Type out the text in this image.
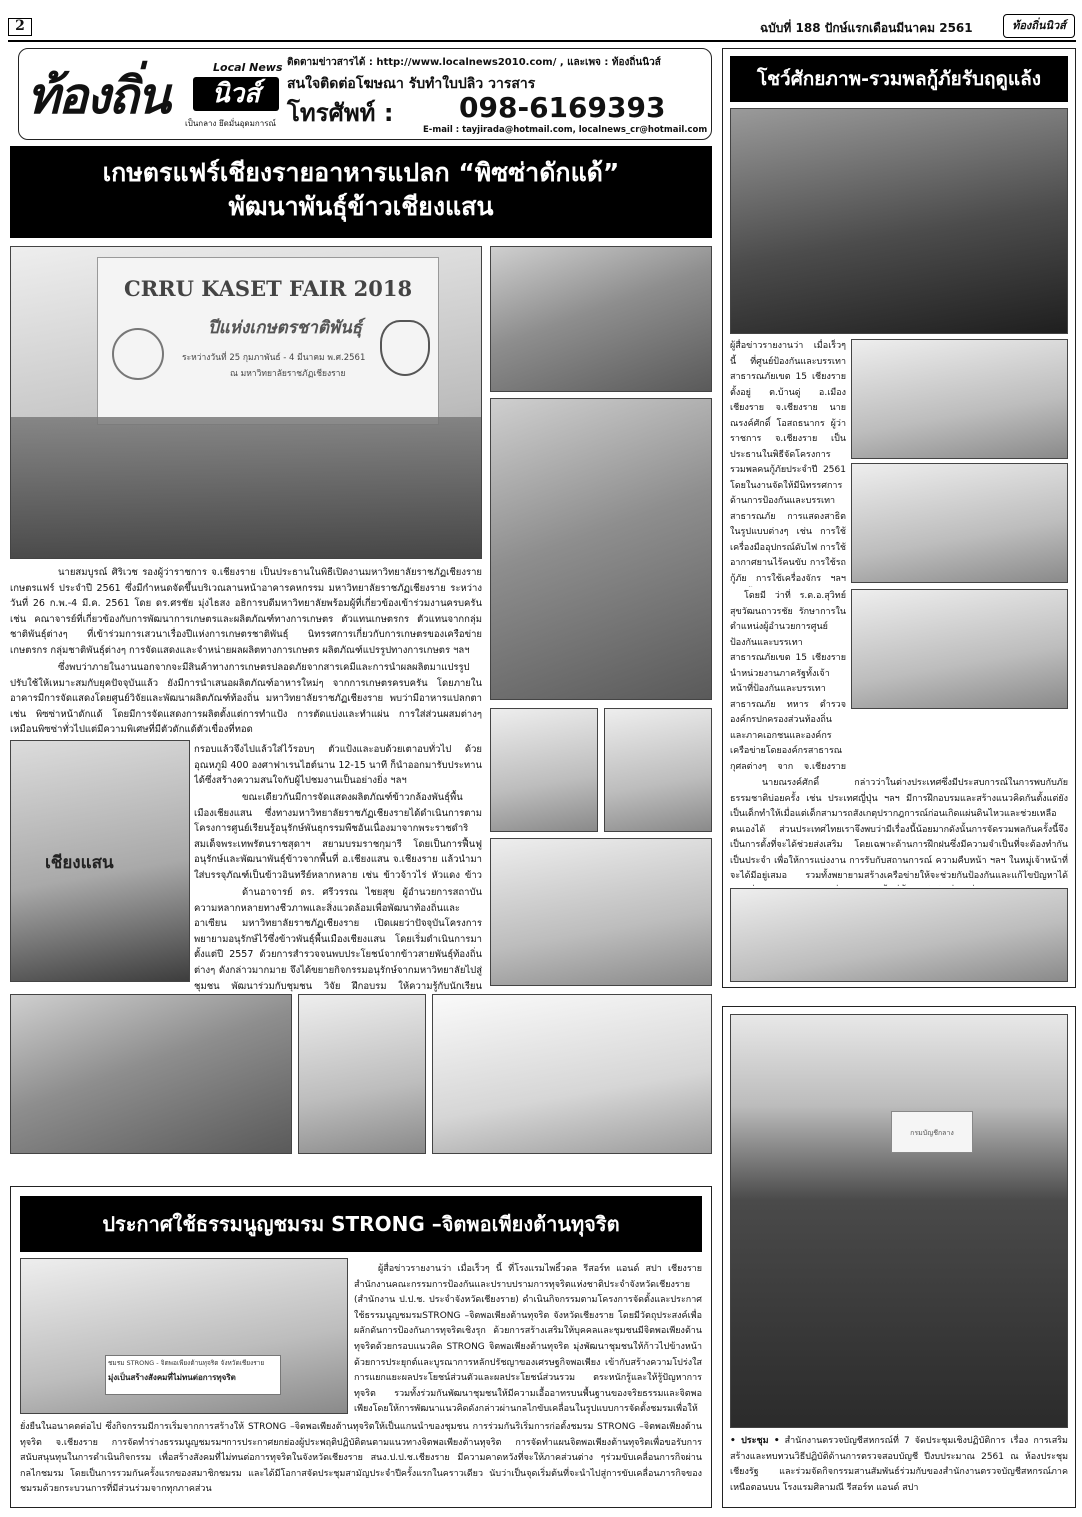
2	ฉบับที่ 188 ปักษ์แรกเดือนมีนาคม 2561	ท้องถิ่นนิวส์
ท้องถิ่น	Local News
นิวส์
เป็นกลาง ยึดมั่นอุดมการณ์
ติดตามข่าวสารได้ : http://www.localnews2010.com/ , และเพจ : ท้องถิ่นนิวส์
สนใจติดต่อโฆษณา รับทำใบปลิว วารสาร
โทรศัพท์ : 098-6169393
E-mail : tayjirada@hotmail.com, localnews_cr@hotmail.com
เกษตรแฟร์เชียงรายอาหารแปลก “พิซซ่าดักแด้”
พัฒนาพันธุ์ข้าวเชียงแสน
CRRU KASET FAIR 2018
ปีแห่งเกษตรชาติพันธุ์
ระหว่างวันที่ 25 กุมภาพันธ์ - 4 มีนาคม พ.ศ.2561
ณ มหาวิทยาลัยราชภัฏเชียงราย
นายสมบูรณ์ ศิริเวช รองผู้ว่าราชการ จ.เชียงราย เป็นประธานในพิธีเปิดงานมหาวิทยาลัยราชภัฏเชียงราย เกษตรแฟร์ ประจำปี 2561 ซึ่งมีกำหนดจัดขึ้นบริเวณลานหน้าอาคารคหกรรม มหาวิทยาลัยราชภัฏเชียงราย ระหว่างวันที่ 26 ก.พ.-4 มี.ค. 2561 โดย ดร.ศรชัย มุ่งไธสง อธิการบดีมหาวิทยาลัยพร้อมผู้ที่เกี่ยวข้องเข้าร่วมงานครบครัน เช่น คณาจารย์ที่เกี่ยวข้องกับการพัฒนาการเกษตรและผลิตภัณฑ์ทางการเกษตร ตัวแทนเกษตรกร ตัวแทนจากกลุ่มชาติพันธุ์ต่างๆ ที่เข้าร่วมการเสวนาเรื่องปีแห่งการเกษตรชาติพันธุ์ นิทรรศการเกี่ยวกับการเกษตรของเครือข่ายเกษตรกร กลุ่มชาติพันธุ์ต่างๆ การจัดแสดงและจำหน่ายผลผลิตทางการเกษตร ผลิตภัณฑ์แปรรูปทางการเกษตร ฯลฯ
ซึ่งพบว่าภายในงานนอกจากจะมีสินค้าทางการเกษตรปลอดภัยจากสารเคมีและการนำผลผลิตมาแปรรูปปรับใช้ให้เหมาะสมกับยุคปัจจุบันแล้ว ยังมีการนำเสนอผลิตภัณฑ์อาหารใหม่ๆ จากการเกษตรครบครัน โดยภายในอาคารมีการจัดแสดงโดยศูนย์วิจัยและพัฒนาผลิตภัณฑ์ท้องถิ่น มหาวิทยาลัยราชภัฏเชียงราย พบว่ามีอาหารแปลกตา เช่น พิซซ่าหน้าดักแด้ โดยมีการจัดแสดงการผลิตตั้งแต่การทำแป้ง การตัดแบ่งและทำแผ่น การใส่ส่วนผสมต่างๆ เหมือนพิซซ่าทั่วไปแต่มีความพิเศษที่มีตัวดักแด้ตัวเขื่องที่ทอด
เชียงแสน
กรอบแล้วจึงไปแล้วใส่ไว้รอบๆ ตัวแป้งและอบด้วยเตาอบทั่วไป ด้วยอุณหภูมิ 400 องศาฟาเรนไฮต์นาน 12-15 นาที ก็นำออกมารับประทานได้ซึ่งสร้างความสนใจกับผู้ไปชมงานเป็นอย่างยิ่ง ฯลฯ
ขณะเดียวกันมีการจัดแสดงผลิตภัณฑ์ข้าวกล้องพันธุ์พื้นเมืองเชียงแสน ซึ่งทางมหาวิทยาลัยราชภัฏเชียงรายได้ดำเนินการตามโครงการศูนย์เรียนรู้อนุรักษ์พันธุกรรมพืชอันเนื่องมาจากพระราชดำริ สมเด็จพระเทพรัตนราชสุดาฯ สยามบรมราชกุมารี โดยเป็นการฟื้นฟู อนุรักษ์และพัฒนาพันธุ์ข้าวจากพื้นที่ อ.เชียงแสน จ.เชียงราย แล้วนำมาใส่บรรจุภัณฑ์เป็นข้าวอินทรีย์หลากหลาย เช่น ข้าวจ้าวไร่ หัวแดง ข้าว
ด้านอาจารย์ ดร. ศรีวรรณ ไชยสุข ผู้อำนวยการสถาบันความหลากหลายทางชีวภาพและสิ่งแวดล้อมเพื่อพัฒนาท้องถิ่นและอาเซียน มหาวิทยาลัยราชภัฏเชียงราย เปิดเผยว่าปัจจุบันโครงการพยายามอนุรักษ์ไว้ซึ่งข้าวพันธุ์พื้นเมืองเชียงแสน โดยเริ่มดำเนินการมาตั้งแต่ปี 2557 ด้วยการสำรวจจนพบประโยชน์จากข้าวสายพันธุ์ท้องถิ่นต่างๆ ดังกล่าวมากมาย จึงได้ขยายกิจกรรมอนุรักษ์จากมหาวิทยาลัยไปสู่ชุมชน พัฒนาร่วมกับชุมชน วิจัย ฝึกอบรม ให้ความรู้กับนักเรียน
โชว์ศักยภาพ-รวมพลกู้ภัยรับฤดูแล้ง
ผู้สื่อข่าวรายงานว่า เมื่อเร็วๆ นี้ ที่ศูนย์ป้องกันและบรรเทาสาธารณภัยเขต 15 เชียงราย ตั้งอยู่ ต.บ้านดู่ อ.เมืองเชียงราย จ.เชียงราย นายณรงค์ศักดิ์ โอสถธนากร ผู้ว่าราชการ จ.เชียงราย เป็นประธานในพิธีจัดโครงการรวมพลคนกู้ภัยประจำปี 2561 โดยในงานจัดให้มีนิทรรศการด้านการป้องกันและบรรเทาสาธารณภัย การแสดงสาธิตในรูปแบบต่างๆ เช่น การใช้เครื่องมืออุปกรณ์ดับไฟ การใช้อากาศยานไร้คนขับ การใช้รถกู้ภัย การใช้เครื่องจักร ฯลฯ
โดยมี ว่าที่ ร.ต.อ.สุวิทย์ สุขวัฒนถาวรชัย รักษาการในตำแหน่งผู้อำนวยการศูนย์ป้องกันและบรรเทาสาธารณภัยเขต 15 เชียงราย นำหน่วยงานภาครัฐทั้งเจ้าหน้าที่ป้องกันและบรรเทาสาธารณภัย ทหาร ตำรวจ องค์กรปกครองส่วนท้องถิ่น และภาคเอกชนและองค์กรเครือข่ายโดยองค์กรสาธารณกุศลต่างๆ จาก จ.เชียงราย
นายณรงค์ศักดิ์ กล่าวว่าในต่างประเทศซึ่งมีประสบการณ์ในการพบกับภัยธรรมชาติบ่อยครั้ง เช่น ประเทศญี่ปุ่น ฯลฯ มีการฝึกอบรมและสร้างแนวคิดกันตั้งแต่ยังเป็นเด็กทำให้เมื่อแต่เด็กสามารถสังเกตุปรากฎการณ์ก่อนเกิดแผ่นดินไหวและช่วยเหลือตนเองได้ ส่วนประเทศไทยเราจึงพบว่ามีเรื่องนี้น้อยมากดังนั้นการจัดรวมพลกันครั้งนี้จึงเป็นการตั้งที่จะได้ช่วยส่งเสริม โดยเฉพาะด้านการฝึกฝนซึ่งมีความจำเป็นที่จะต้องทำกันเป็นประจำ เพื่อให้การแบ่งงาน การรับกับสถานการณ์ ความคืบหน้า ฯลฯ ในหมู่เจ้าหน้าที่จะได้มีอยู่เสมอ รวมทั้งพยายามสร้างเครือข่ายให้จะช่วยกันป้องกันและแก้ไขปัญหาได้
ประกาศใช้ธรรมนูญชมรม STRONG –จิตพอเพียงต้านทุจริต
ชมรม STRONG - จิตพอเพียงต้านทุจริต จังหวัดเชียงราย
มุ่งเป็นสร้างสังคมที่ไม่ทนต่อการทุจริต
ผู้สื่อข่าวรายงานว่า เมื่อเร็วๆ นี้ ที่โรงแรมไพธิ์วดล รีสอร์ท แอนด์ สปา เชียงราย สำนักงานคณะกรรมการป้องกันและปราบปรามการทุจริตแห่งชาติประจำจังหวัดเชียงราย (สำนักงาน ป.ป.ช. ประจำจังหวัดเชียงราย) ดำเนินกิจกรรมตามโครงการจัดตั้งและประกาศใช้ธรรมนูญชมรมSTRONG –จิตพอเพียงต้านทุจริต จังหวัดเชียงราย โดยมีวัตถุประสงค์เพื่อผลักดันการป้องกันการทุจริตเชิงรุก ด้วยการสร้างเสริมให้บุคคลและชุมชนมีจิตพอเพียงต้านทุจริตด้วยกรอบแนวคิด STRONG จิตพอเพียงต้านทุจริต มุ่งพัฒนาชุมชนให้ก้าวไปข้างหน้าด้วยการประยุกต์และบูรณาการหลักปรัชญาของเศรษฐกิจพอเพียง เข้ากับสร้างความโปร่งใสการแยกแยะผลประโยชน์ส่วนตัวและผลประโยชน์ส่วนรวม ตระหนักรู้และให้รู้ปัญหาการทุจริต รวมทั้งร่วมกันพัฒนาชุมชนให้มีความเอื้ออาทรบนพื้นฐานของจริยธรรมและจิตพอเพียงโดยให้การพัฒนาแนวคิดดังกล่าวผ่านกลไกขับเคลื่อนในรูปแบบการจัดตั้งชมรมเพื่อให้
ยั่งยืนในอนาคตต่อไป ซึ่งกิจกรรมมีการเริ่มจากการสร้างให้ STRONG –จิตพอเพียงต้านทุจริตให้เป็นแกนนำของชุมชน การร่วมกันริเริ่มการก่อตั้งชมรม STRONG –จิตพอเพียงต้านทุจริต จ.เชียงราย การจัดทำร่างธรรมนูญชมรมฯการประกาศยกย่องผู้ประพฤติปฏิบัติตนตามแนวทางจิตพอเพียงต้านทุจริต การจัดทำแผนจิตพอเพียงต้านทุจริตเพื่อขอรับการสนับสนุนทุนในการดำเนินกิจกรรม เพื่อสร้างสังคมที่ไม่ทนต่อการทุจริตในจังหวัดเชียงราย สนง.ป.ป.ช.เชียงราย มีความคาดหวังที่จะให้ภาคส่วนต่าง ๆร่วมขับเคลื่อนการกิจผ่านกลไกชมรม โดยเป็นการรวมกันครั้งแรกของสมาชิกชมรม และได้มีโอกาสจัดประชุมสามัญประจำปีครั้งแรกในคราวเดียว นับว่าเป็นจุดเริ่มต้นที่จะนำไปสู่การขับเคลื่อนภารกิจของชมรมด้วยกระบวนการที่มีส่วนร่วมจากทุกภาคส่วน
กรมบัญชีกลาง
• ประชุม • สำนักงานตรวจบัญชีสหกรณ์ที่ 7 จัดประชุมเชิงปฏิบัติการ เรื่อง การเสริมสร้างและทบทวนวิธีปฏิบัติด้านการตรวจสอบบัญชี ปีงบประมาณ 2561 ณ ห้องประชุมเชียงรัฐ และร่วมจัดกิจกรรมสานสัมพันธ์ร่วมกับของสำนักงานตรวจบัญชีสหกรณ์ภาคเหนือตอนบน โรงแรมศิลามณี รีสอร์ท แอนด์ สปา
